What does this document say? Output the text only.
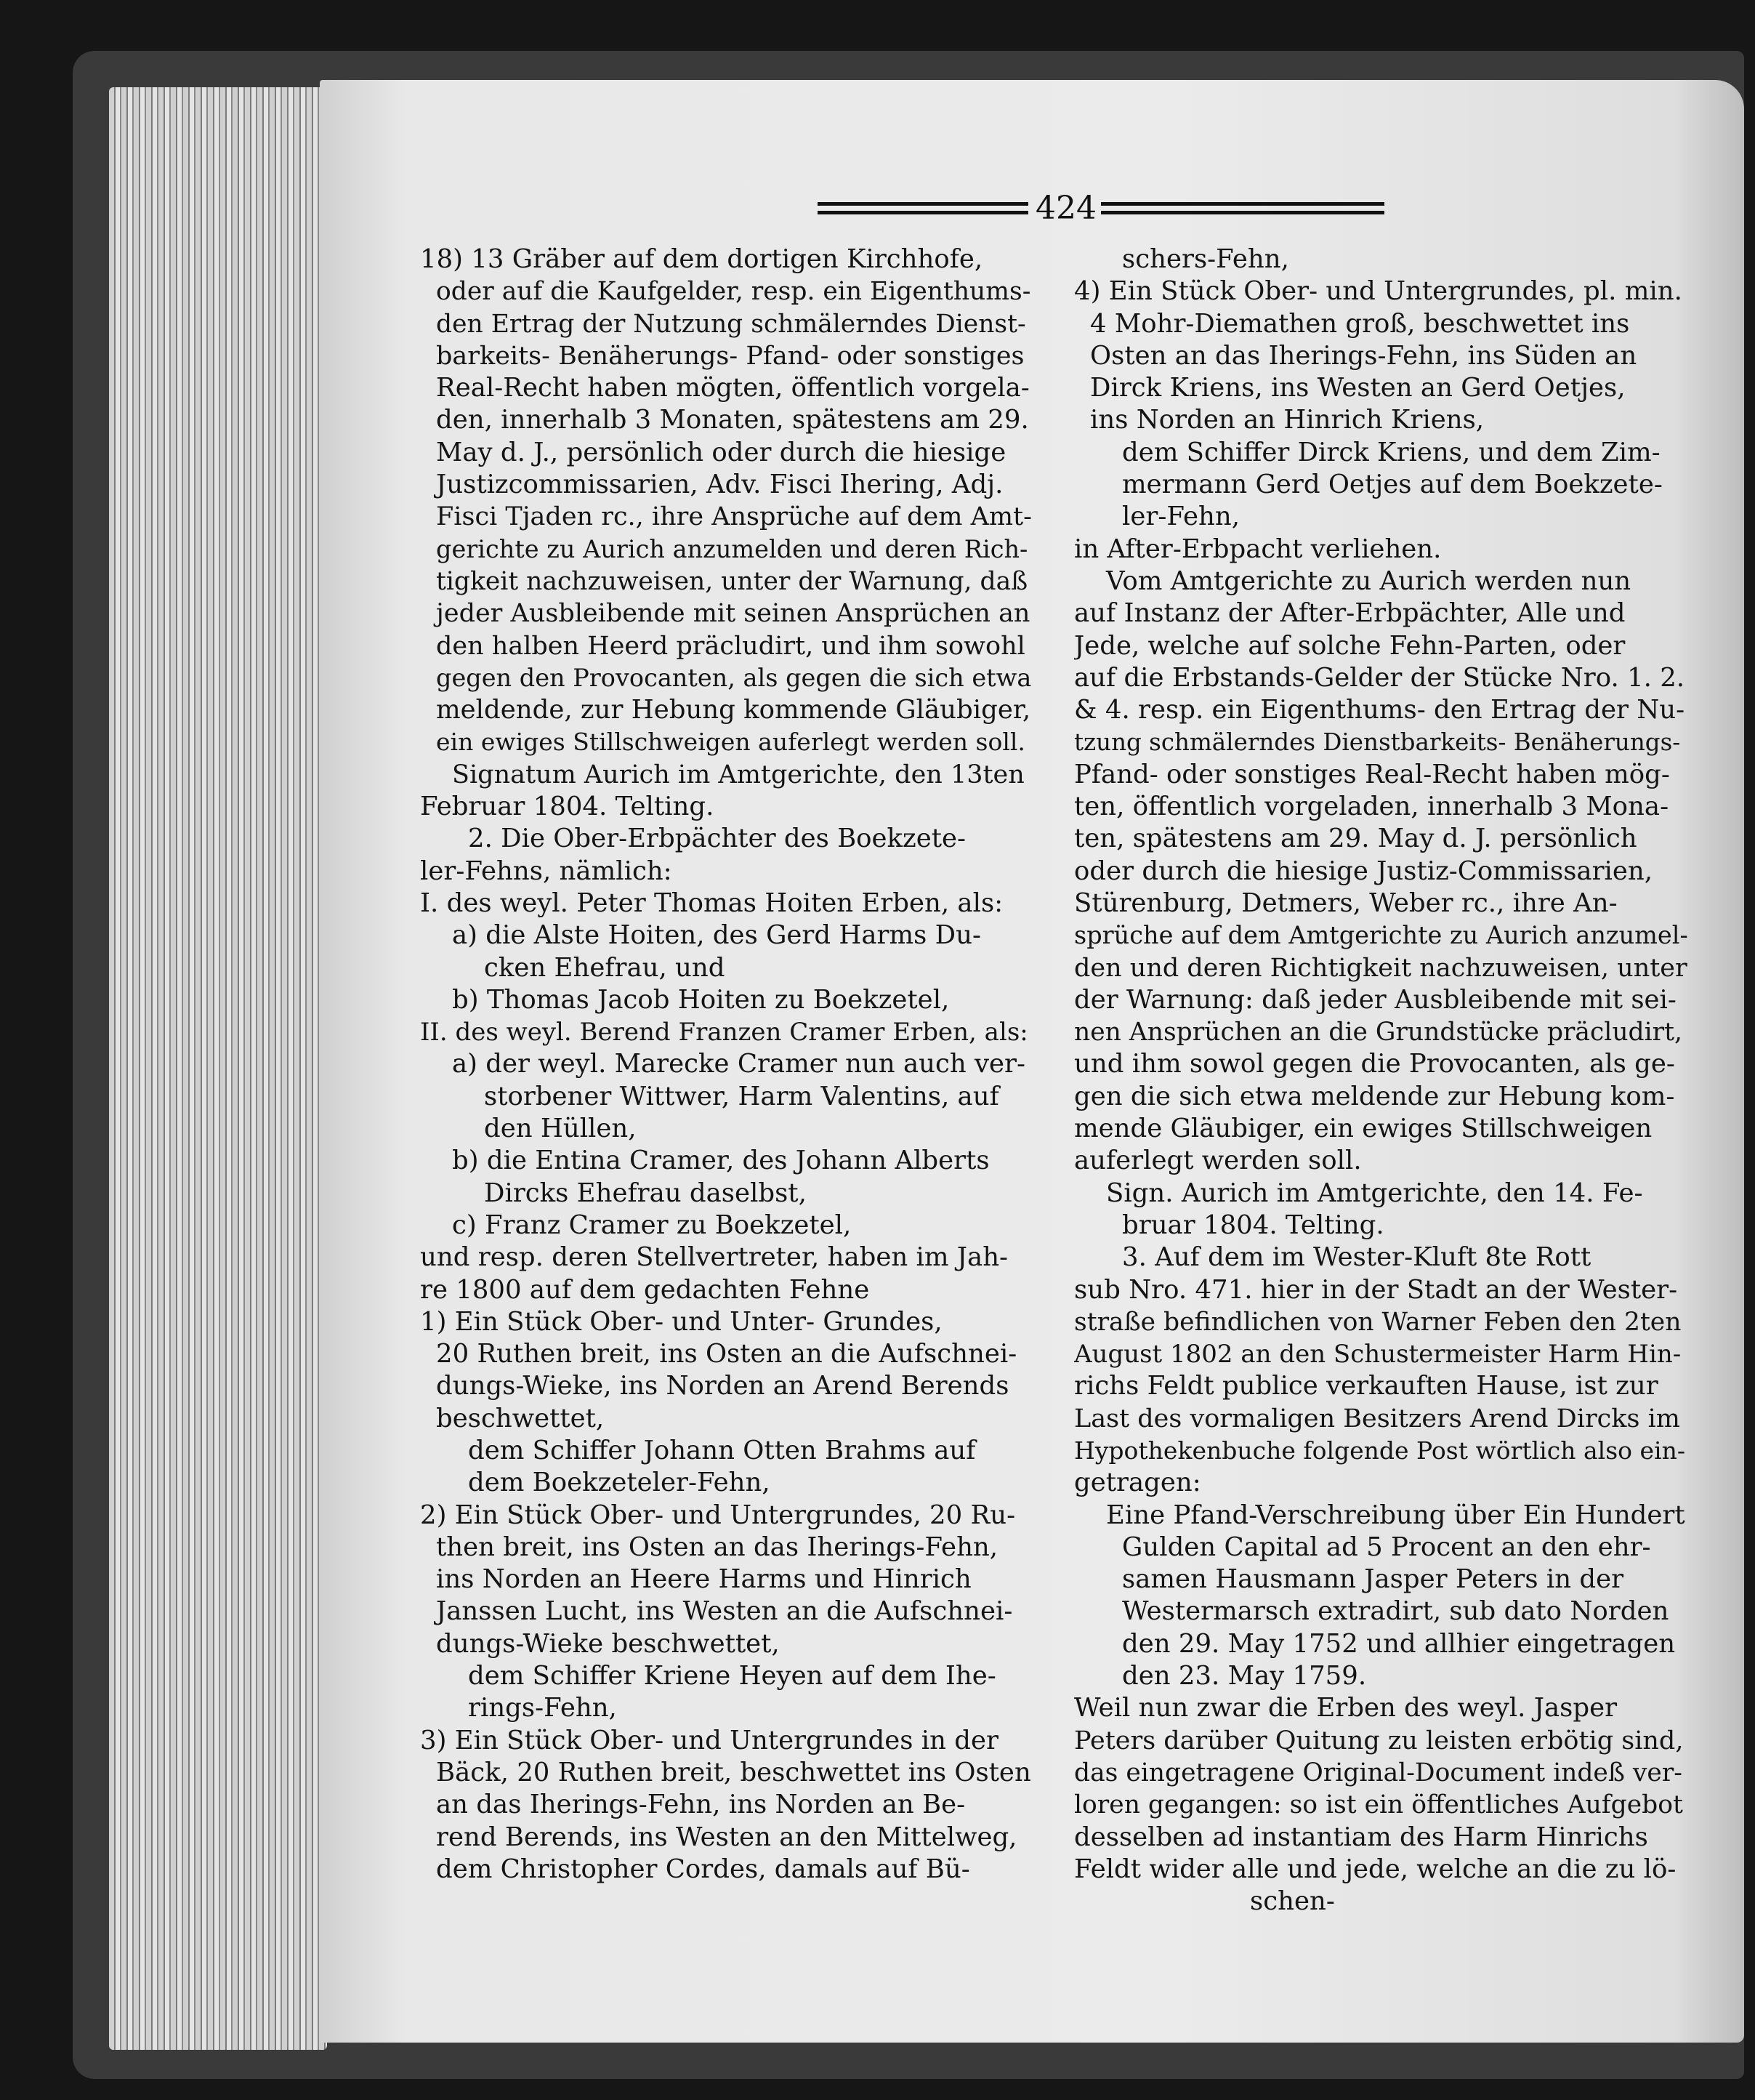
424
18) 13 Gräber auf dem dortigen Kirchhofe,
oder auf die Kaufgelder, resp. ein Eigenthums-
den Ertrag der Nutzung schmälerndes Dienst-
barkeits- Benäherungs- Pfand- oder sonstiges
Real-Recht haben mögten, öffentlich vorgela-
den, innerhalb 3 Monaten, spätestens am 29.
May d. J., persönlich oder durch die hiesige
Justizcommissarien, Adv. Fisci Ihering, Adj.
Fisci Tjaden rc., ihre Ansprüche auf dem Amt-
gerichte zu Aurich anzumelden und deren Rich-
tigkeit nachzuweisen, unter der Warnung, daß
jeder Ausbleibende mit seinen Ansprüchen an
den halben Heerd präcludirt, und ihm sowohl
gegen den Provocanten, als gegen die sich etwa
meldende, zur Hebung kommende Gläubiger,
ein ewiges Stillschweigen auferlegt werden soll.
Signatum Aurich im Amtgerichte, den 13ten
Februar 1804. Telting.
2. Die Ober-Erbpächter des Boekzete-
ler-Fehns, nämlich:
I. des weyl. Peter Thomas Hoiten Erben, als:
a) die Alste Hoiten, des Gerd Harms Du-
cken Ehefrau, und
b) Thomas Jacob Hoiten zu Boekzetel,
II. des weyl. Berend Franzen Cramer Erben, als:
a) der weyl. Marecke Cramer nun auch ver-
storbener Wittwer, Harm Valentins, auf
den Hüllen,
b) die Entina Cramer, des Johann Alberts
Dircks Ehefrau daselbst,
c) Franz Cramer zu Boekzetel,
und resp. deren Stellvertreter, haben im Jah-
re 1800 auf dem gedachten Fehne
1) Ein Stück Ober- und Unter- Grundes,
20 Ruthen breit, ins Osten an die Aufschnei-
dungs-Wieke, ins Norden an Arend Berends
beschwettet,
dem Schiffer Johann Otten Brahms auf
dem Boekzeteler-Fehn,
2) Ein Stück Ober- und Untergrundes, 20 Ru-
then breit, ins Osten an das Iherings-Fehn,
ins Norden an Heere Harms und Hinrich
Janssen Lucht, ins Westen an die Aufschnei-
dungs-Wieke beschwettet,
dem Schiffer Kriene Heyen auf dem Ihe-
rings-Fehn,
3) Ein Stück Ober- und Untergrundes in der
Bäck, 20 Ruthen breit, beschwettet ins Osten
an das Iherings-Fehn, ins Norden an Be-
rend Berends, ins Westen an den Mittelweg,
dem Christopher Cordes, damals auf Bü-
schers-Fehn,
4) Ein Stück Ober- und Untergrundes, pl. min.
4 Mohr-Diemathen groß, beschwettet ins
Osten an das Iherings-Fehn, ins Süden an
Dirck Kriens, ins Westen an Gerd Oetjes,
ins Norden an Hinrich Kriens,
dem Schiffer Dirck Kriens, und dem Zim-
mermann Gerd Oetjes auf dem Boekzete-
ler-Fehn,
in After-Erbpacht verliehen.
Vom Amtgerichte zu Aurich werden nun
auf Instanz der After-Erbpächter, Alle und
Jede, welche auf solche Fehn-Parten, oder
auf die Erbstands-Gelder der Stücke Nro. 1. 2.
& 4. resp. ein Eigenthums- den Ertrag der Nu-
tzung schmälerndes Dienstbarkeits- Benäherungs-
Pfand- oder sonstiges Real-Recht haben mög-
ten, öffentlich vorgeladen, innerhalb 3 Mona-
ten, spätestens am 29. May d. J. persönlich
oder durch die hiesige Justiz-Commissarien,
Stürenburg, Detmers, Weber rc., ihre An-
sprüche auf dem Amtgerichte zu Aurich anzumel-
den und deren Richtigkeit nachzuweisen, unter
der Warnung: daß jeder Ausbleibende mit sei-
nen Ansprüchen an die Grundstücke präcludirt,
und ihm sowol gegen die Provocanten, als ge-
gen die sich etwa meldende zur Hebung kom-
mende Gläubiger, ein ewiges Stillschweigen
auferlegt werden soll.
Sign. Aurich im Amtgerichte, den 14. Fe-
bruar 1804. Telting.
3. Auf dem im Wester-Kluft 8te Rott
sub Nro. 471. hier in der Stadt an der Wester-
straße befindlichen von Warner Feben den 2ten
August 1802 an den Schustermeister Harm Hin-
richs Feldt publice verkauften Hause, ist zur
Last des vormaligen Besitzers Arend Dircks im
Hypothekenbuche folgende Post wörtlich also ein-
getragen:
Eine Pfand-Verschreibung über Ein Hundert
Gulden Capital ad 5 Procent an den ehr-
samen Hausmann Jasper Peters in der
Westermarsch extradirt, sub dato Norden
den 29. May 1752 und allhier eingetragen
den 23. May 1759.
Weil nun zwar die Erben des weyl. Jasper
Peters darüber Quitung zu leisten erbötig sind,
das eingetragene Original-Document indeß ver-
loren gegangen: so ist ein öffentliches Aufgebot
desselben ad instantiam des Harm Hinrichs
Feldt wider alle und jede, welche an die zu lö-
schen-
